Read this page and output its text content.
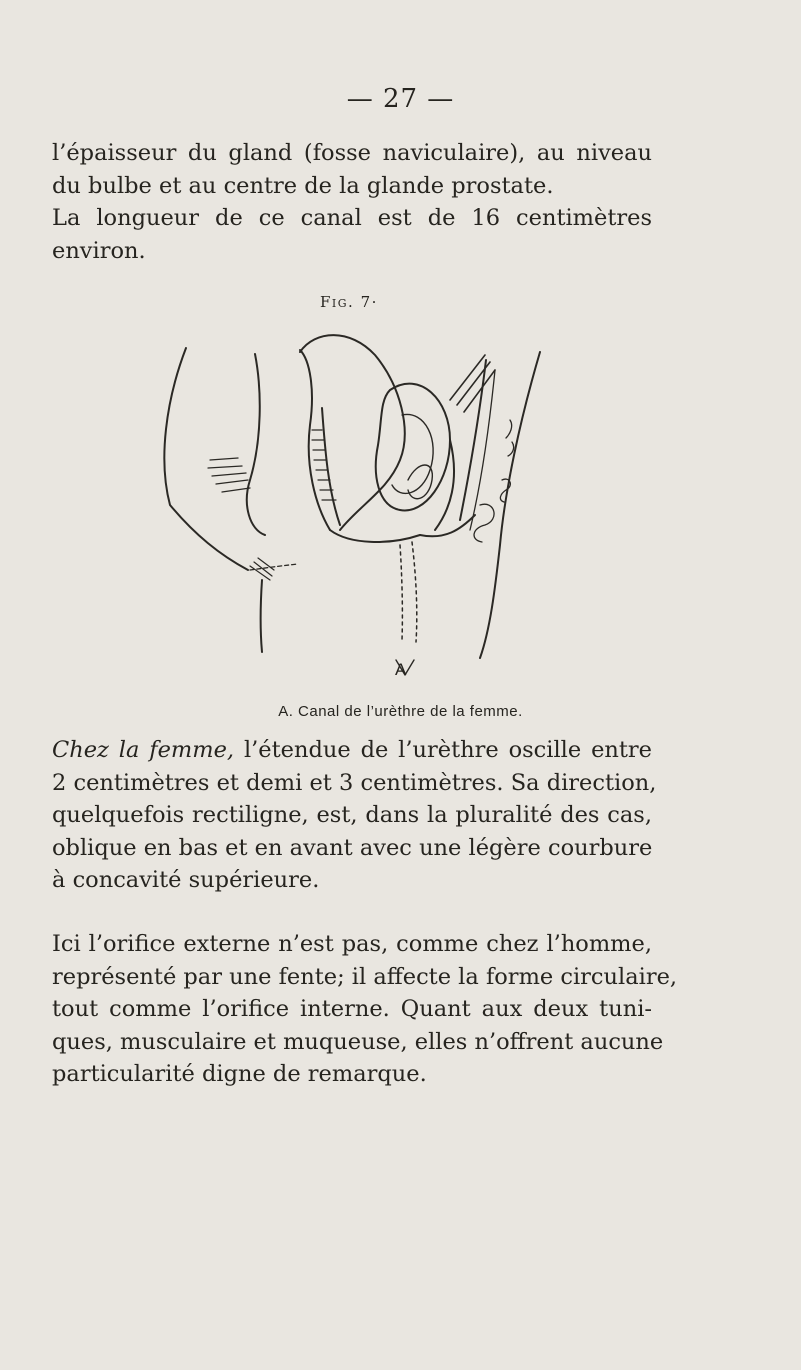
— 27 —
l’épaisseur du gland (fosse naviculaire), au niveau
du bulbe et au centre de la glande prostate.
La longueur de ce canal est de 16 centimètres
environ.
Fig. 7·
A
A. Canal de l’urèthre de la femme.
Chez la femme, l’étendue de l’urèthre oscille entre
2 centimètres et demi et 3 centimètres. Sa direction,
quelquefois rectiligne, est, dans la pluralité des cas,
oblique en bas et en avant avec une légère courbure
à concavité supérieure.
Ici l’orifice externe n’est pas, comme chez l’homme,
représenté par une fente; il affecte la forme circulaire,
tout comme l’orifice interne. Quant aux deux tuni-
ques, musculaire et muqueuse, elles n’offrent aucune
particularité digne de remarque.
